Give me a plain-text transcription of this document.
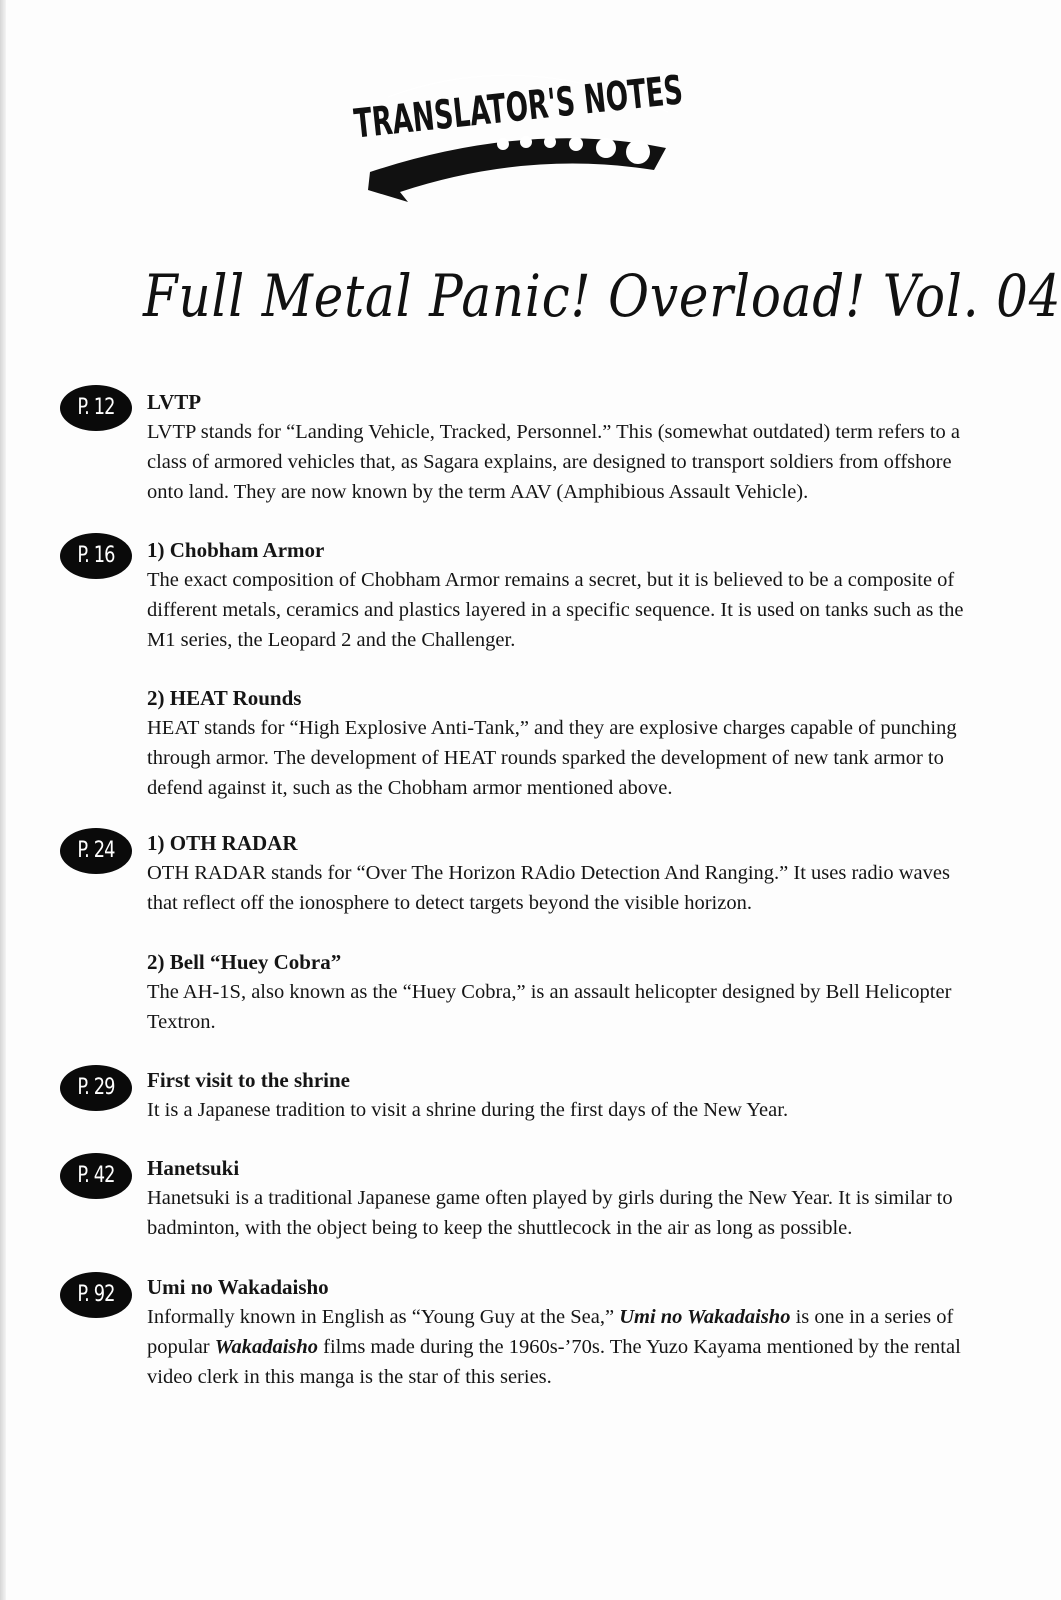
TRANSLATOR'S NOTES
Full Metal Panic! Overload! Vol. 04
P. 12	LVTP

LVTP stands for “Landing Vehicle, Tracked, Personnel.” This (somewhat outdated) term refers to a class of armored vehicles that, as Sagara explains, are designed to transport soldiers from offshore onto land. They are now known by the term AAV (Amphibious Assault Vehicle).

P. 16	1) Chobham Armor

The exact composition of Chobham Armor remains a secret, but it is believed to be a composite of different metals, ceramics and plastics layered in a specific sequence. It is used on tanks such as the M1 series, the Leopard 2 and the Challenger.

2) HEAT Rounds

HEAT stands for “High Explosive Anti-Tank,” and they are explosive charges capable of punching through armor. The development of HEAT rounds sparked the development of new tank armor to defend against it, such as the Chobham armor mentioned above.

P. 24	1) OTH RADAR

OTH RADAR stands for “Over The Horizon RAdio Detection And Ranging.” It uses radio waves that reflect off the ionosphere to detect targets beyond the visible horizon.

2) Bell “Huey Cobra”

The AH-1S, also known as the “Huey Cobra,” is an assault helicopter designed by Bell Helicopter Textron.

P. 29	First visit to the shrine

It is a Japanese tradition to visit a shrine during the first days of the New Year.

P. 42	Hanetsuki

Hanetsuki is a traditional Japanese game often played by girls during the New Year. It is similar to badminton, with the object being to keep the shuttlecock in the air as long as possible.

P. 92	Umi no Wakadaisho

Informally known in English as “Young Guy at the Sea,” Umi no Wakadaisho is one in a series of popular Wakadaisho films made during the 1960s-’70s. The Yuzo Kayama mentioned by the rental video clerk in this manga is the star of this series.
